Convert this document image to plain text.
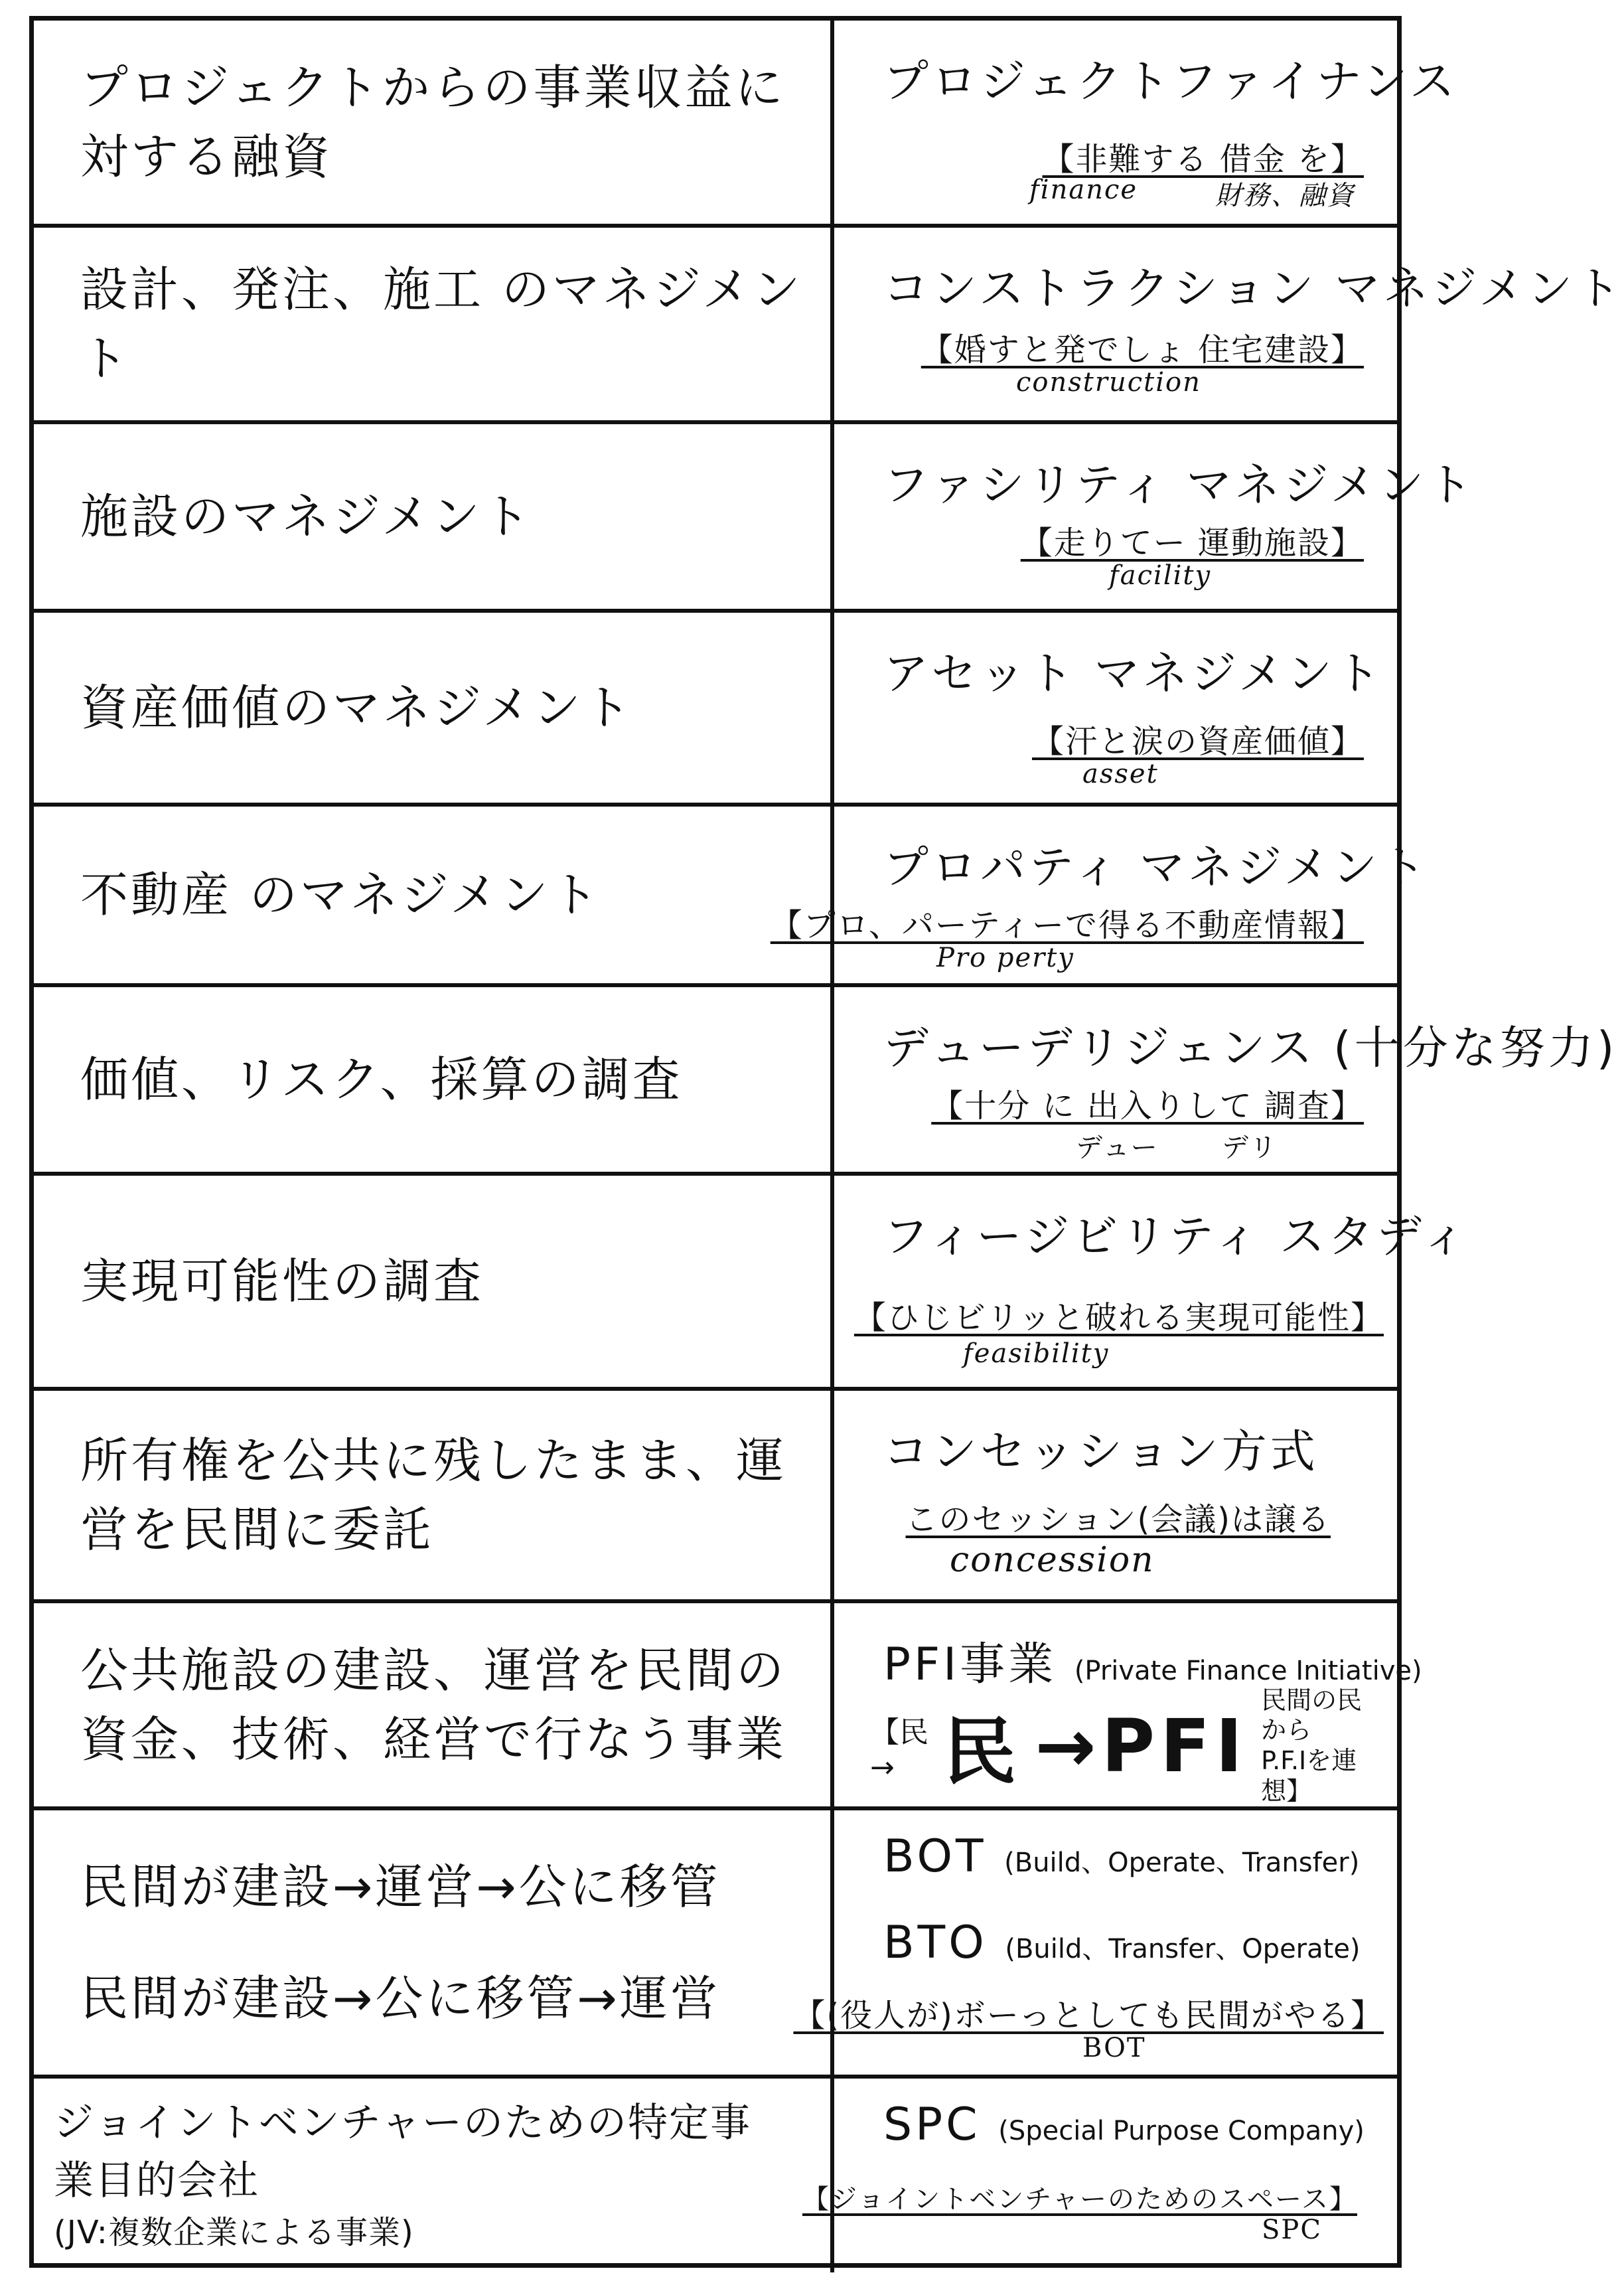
プロジェクトからの事業収益に対する融資
プロジェクトファイナンス
【非難する 借金 を】
finance	財務、融資
設計、発注、施工 のマネジメント
コンストラクション マネジメント
【婚すと発でしょ 住宅建設】
construction
施設のマネジメント
ファシリティ マネジメント
【走りてー 運動施設】
facility
資産価値のマネジメント
アセット マネジメント
【汗と涙の資産価値】
asset
不動産 のマネジメント	プロパティ マネジメント
【プロ、パーティーで得る不動産情報】
Pro perty
価値、リスク、採算の調査
デューデリジェンス (十分な努力)
【十分 に 出入りして 調査】
デュー デリ
実現可能性の調査
フィージビリティ スタディ
【ひじビリッと破れる実現可能性】
feasibility
所有権を公共に残したまま、運営を民間に委託
コンセッション方式
このセッション(会議)は譲る
concession
公共施設の建設、運営を民間の資金、技術、経営で行なう事業
PFI事業 (Private Finance Initiative)
【民→ 民 →PFI
民間の民から
P.F.Iを連想】
民間が建設→運営→公に移管
民間が建設→公に移管→運営
BOT (Build、Operate、Transfer)
BTO (Build、Transfer、Operate)
【(役人が)ボーっとしても民間がやる】
BOT
ジョイントベンチャーのための特定事業目的会社
(JV:複数企業による事業)
SPC (Special Purpose Company)
【ジョイントベンチャーのためのスペース】
SPC
